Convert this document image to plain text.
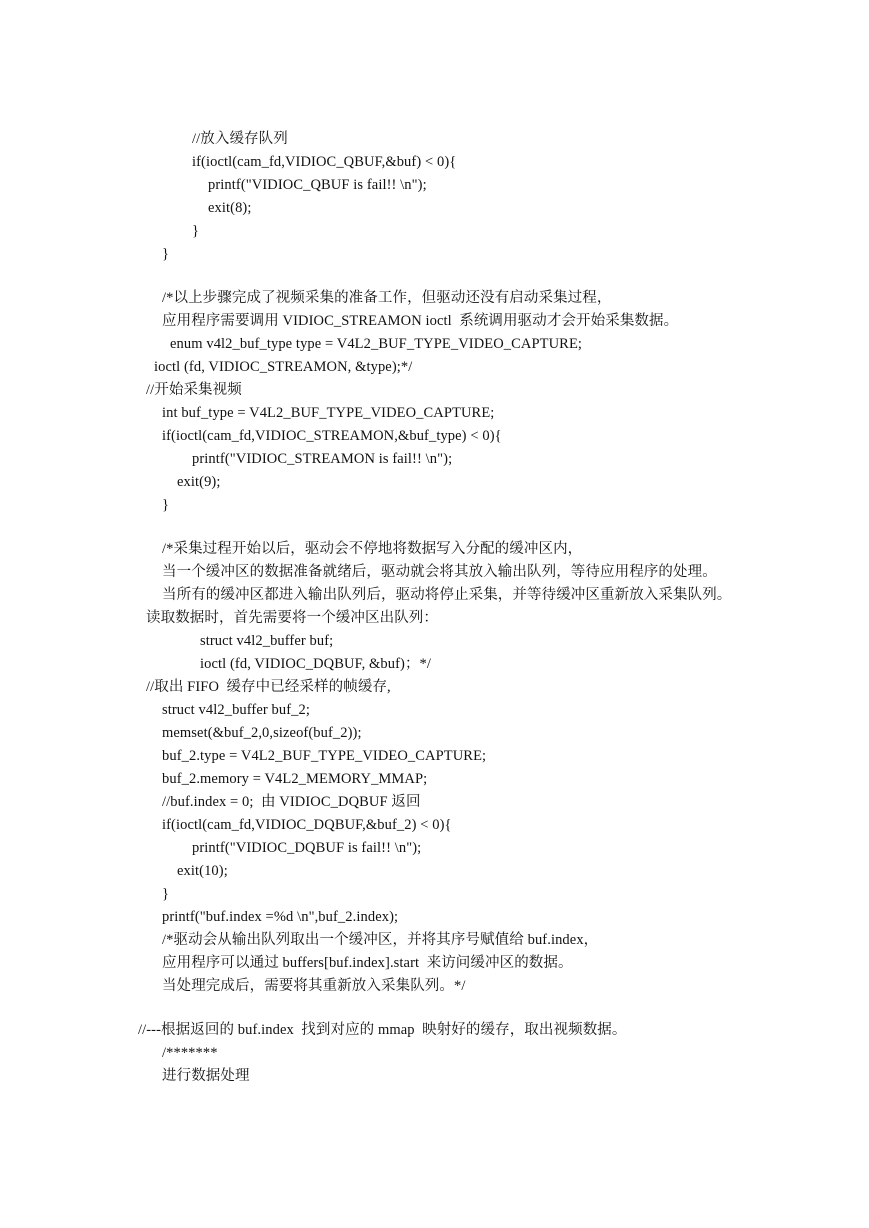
//放入缓存队列
if(ioctl(cam_fd,VIDIOC_QBUF,&buf) < 0){
printf("VIDIOC_QBUF is fail!! \n");
exit(8);
}
}
/*以上步骤完成了视频采集的准备工作，但驱动还没有启动采集过程，
应用程序需要调用 VIDIOC_STREAMON ioctl  系统调用驱动才会开始采集数据。
enum v4l2_buf_type type = V4L2_BUF_TYPE_VIDEO_CAPTURE;
ioctl (fd, VIDIOC_STREAMON, &type);*/
//开始采集视频
int buf_type = V4L2_BUF_TYPE_VIDEO_CAPTURE;
if(ioctl(cam_fd,VIDIOC_STREAMON,&buf_type) < 0){
printf("VIDIOC_STREAMON is fail!! \n");
exit(9);
}
/*采集过程开始以后，驱动会不停地将数据写入分配的缓冲区内，
当一个缓冲区的数据准备就绪后，驱动就会将其放入输出队列，等待应用程序的处理。
当所有的缓冲区都进入输出队列后，驱动将停止采集，并等待缓冲区重新放入采集队列。
读取数据时，首先需要将一个缓冲区出队列：
struct v4l2_buffer buf;
ioctl (fd, VIDIOC_DQBUF, &buf)；*/
//取出 FIFO  缓存中已经采样的帧缓存,
struct v4l2_buffer buf_2;
memset(&buf_2,0,sizeof(buf_2));
buf_2.type = V4L2_BUF_TYPE_VIDEO_CAPTURE;
buf_2.memory = V4L2_MEMORY_MMAP;
//buf.index = 0;  由 VIDIOC_DQBUF 返回
if(ioctl(cam_fd,VIDIOC_DQBUF,&buf_2) < 0){
printf("VIDIOC_DQBUF is fail!! \n");
exit(10);
}
printf("buf.index =%d \n",buf_2.index);
/*驱动会从输出队列取出一个缓冲区，并将其序号赋值给 buf.index，
应用程序可以通过 buffers[buf.index].start  来访问缓冲区的数据。
当处理完成后，需要将其重新放入采集队列。*/
//---根据返回的 buf.index  找到对应的 mmap  映射好的缓存，取出视频数据。
/*******
进行数据处理
